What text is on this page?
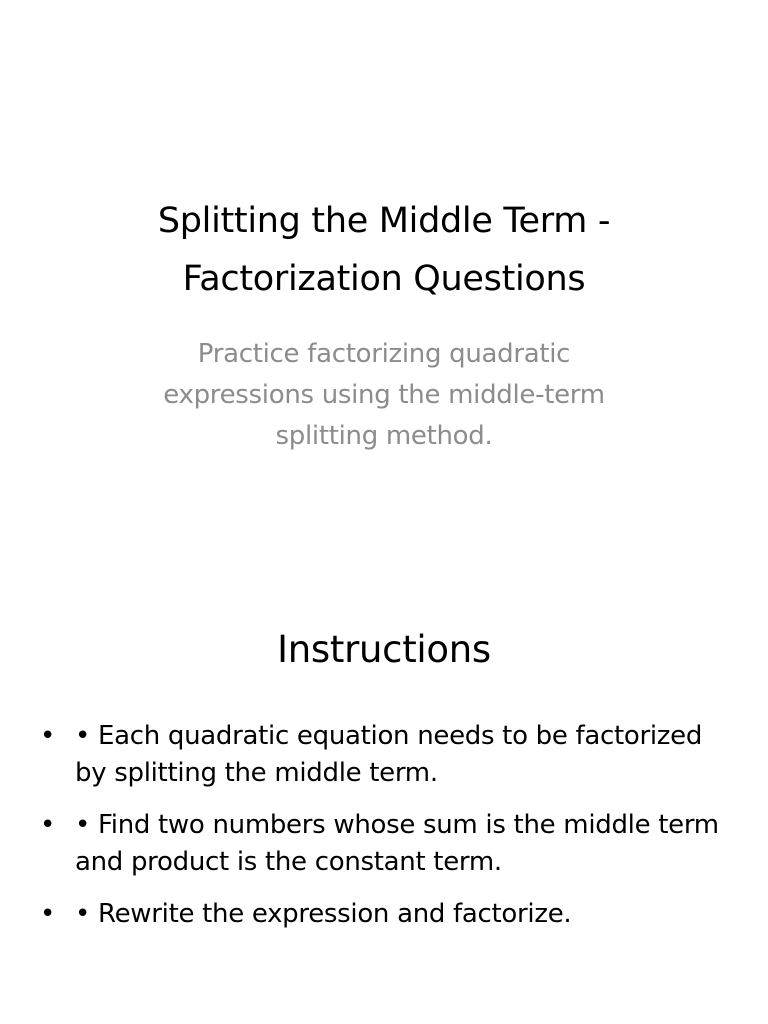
Splitting the Middle Term -
Factorization Questions

Practice factorizing quadratic
expressions using the middle-term
splitting method.

Instructions
• • Each quadratic equation needs to be factorized by splitting the middle term.
• • Find two numbers whose sum is the middle term and product is the constant term.
• • Rewrite the expression and factorize.
